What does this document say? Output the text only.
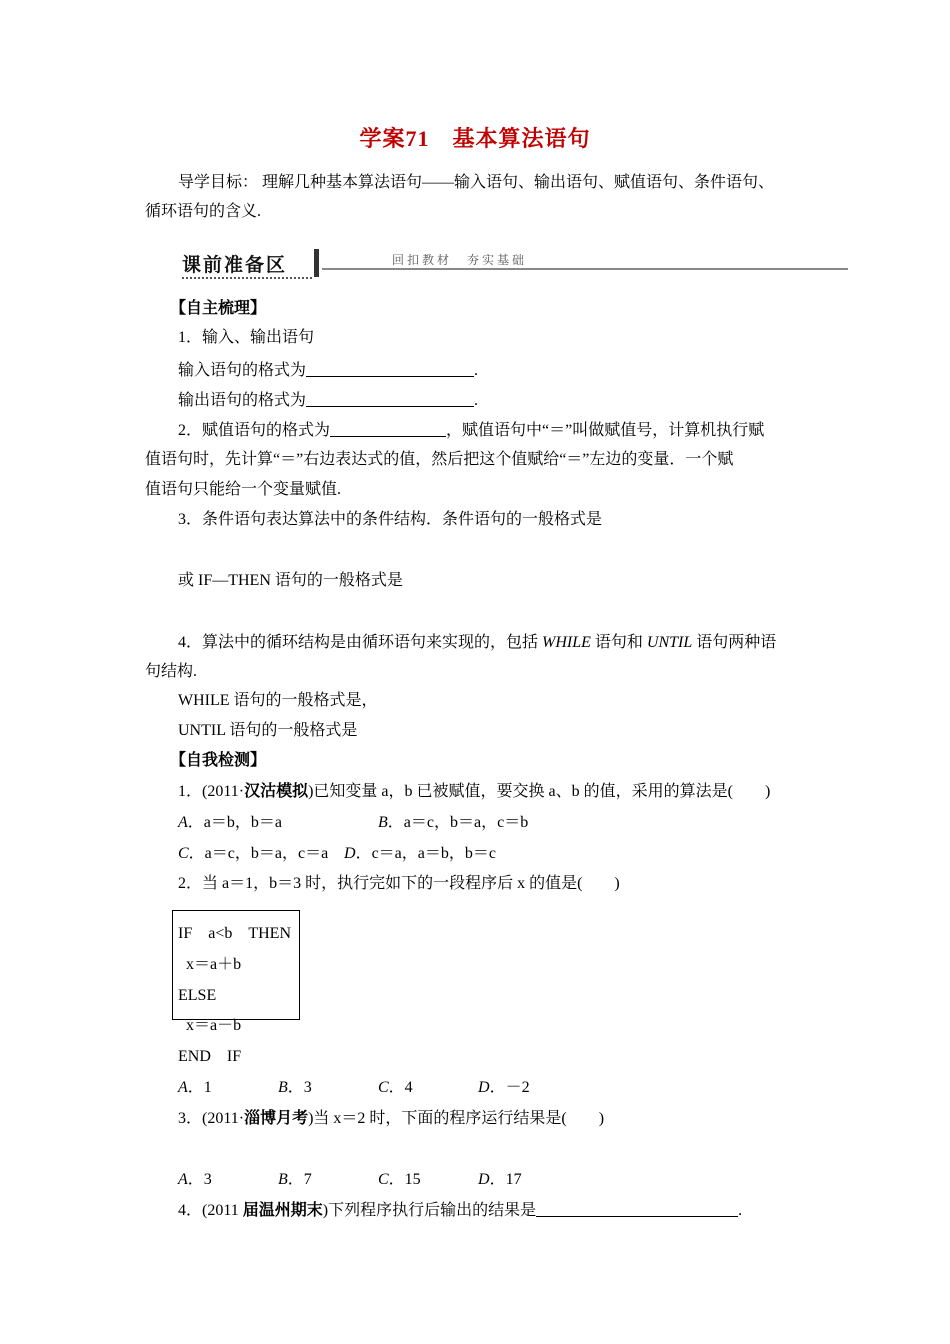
学案71　基本算法语句
导学目标： 理解几种基本算法语句——输入语句、输出语句、赋值语句、条件语句、
循环语句的含义.
课前准备区	回扣教材　夯实基础
【自主梳理】
1．输入、输出语句
输入语句的格式为	.
输出语句的格式为	.
2．赋值语句的格式为	，赋值语句中“＝”叫做赋值号，计算机执行赋
值语句时，先计算“＝”右边表达式的值，然后把这个值赋给“＝”左边的变量．一个赋
值语句只能给一个变量赋值.
3．条件语句表达算法中的条件结构．条件语句的一般格式是
或 IF—THEN 语句的一般格式是
4．算法中的循环结构是由循环语句来实现的，包括 WHILE 语句和 UNTIL 语句两种语
句结构.
WHILE 语句的一般格式是，
UNTIL 语句的一般格式是
【自我检测】
1．(2011·汉沽模拟)已知变量 a，b 已被赋值，要交换 a、b 的值，采用的算法是(　　)
A．a＝b，b＝a	B．a＝c，b＝a，c＝b
C．a＝c，b＝a，c＝a D．c＝a，a＝b，b＝c
2．当 a＝1，b＝3 时，执行完如下的一段程序后 x 的值是(　　)
IF　a<b　THEN
x＝a＋b
ELSE
x＝a－b
END　IF
A．1	B．3	C．4	D．－2
3．(2011·淄博月考)当 x＝2 时，下面的程序运行结果是(　　)
A．3	B．7	C．15	D．17
4．(2011 届温州期末)下列程序执行后输出的结果是	.
